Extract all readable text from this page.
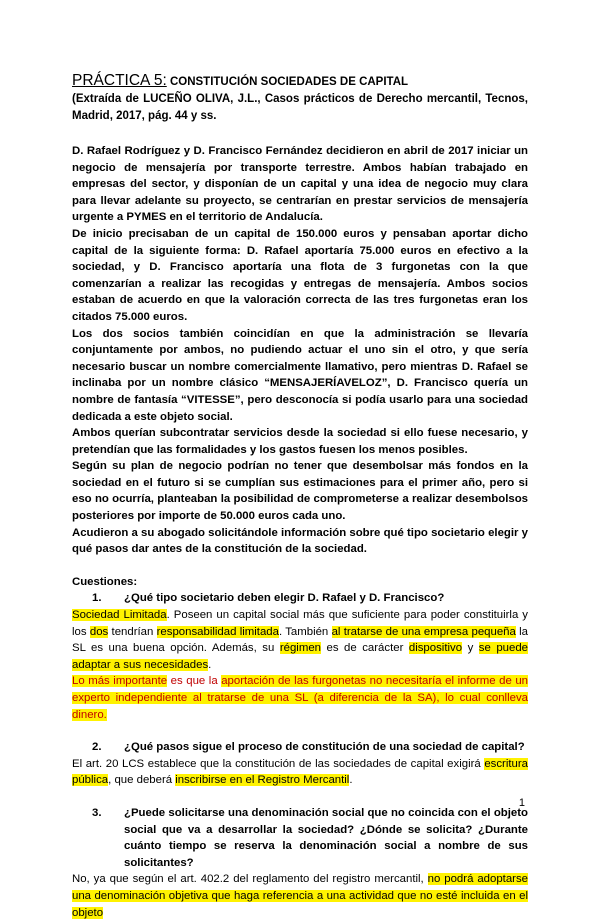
PRÁCTICA 5: CONSTITUCIÓN SOCIEDADES DE CAPITAL
(Extraída de LUCEÑO OLIVA, J.L., Casos prácticos de Derecho mercantil, Tecnos, Madrid, 2017, pág. 44 y ss.

D. Rafael Rodríguez y D. Francisco Fernández decidieron en abril de 2017 iniciar un negocio de mensajería por transporte terrestre. Ambos habían trabajado en empresas del sector, y disponían de un capital y una idea de negocio muy clara para llevar adelante su proyecto, se centrarían en prestar servicios de mensajería urgente a PYMES en el territorio de Andalucía.

De inicio precisaban de un capital de 150.000 euros y pensaban aportar dicho capital de la siguiente forma: D. Rafael aportaría 75.000 euros en efectivo a la sociedad, y D. Francisco aportaría una flota de 3 furgonetas con la que comenzarían a realizar las recogidas y entregas de mensajería. Ambos socios estaban de acuerdo en que la valoración correcta de las tres furgonetas eran los citados 75.000 euros.

Los dos socios también coincidían en que la administración se llevaría conjuntamente por ambos, no pudiendo actuar el uno sin el otro, y que sería necesario buscar un nombre comercialmente llamativo, pero mientras D. Rafael se inclinaba por un nombre clásico “MENSAJERÍAVELOZ”, D. Francisco quería un nombre de fantasía “VITESSE”, pero desconocía si podía usarlo para una sociedad dedicada a este objeto social.

Ambos querían subcontratar servicios desde la sociedad si ello fuese necesario, y pretendían que las formalidades y los gastos fuesen los menos posibles.

Según su plan de negocio podrían no tener que desembolsar más fondos en la sociedad en el futuro si se cumplían sus estimaciones para el primer año, pero si eso no ocurría, planteaban la posibilidad de comprometerse a realizar desembolsos posteriores por importe de 50.000 euros cada uno.

Acudieron a su abogado solicitándole información sobre qué tipo societario elegir y qué pasos dar antes de la constitución de la sociedad.

Cuestiones:

1.	¿Qué tipo societario deben elegir D. Rafael y D. Francisco?

Sociedad Limitada. Poseen un capital social más que suficiente para poder constituirla y los dos tendrían responsabilidad limitada. También al tratarse de una empresa pequeña la SL es una buena opción. Además, su régimen es de carácter dispositivo y se puede adaptar a sus necesidades.

Lo más importante es que la aportación de las furgonetas no necesitaría el informe de un experto independiente al tratarse de una SL (a diferencia de la SA), lo cual conlleva dinero.

2.	¿Qué pasos sigue el proceso de constitución de una sociedad de capital?

El art. 20 LCS establece que la constitución de las sociedades de capital exigirá escritura pública, que deberá inscribirse en el Registro Mercantil.

3.	¿Puede solicitarse una denominación social que no coincida con el objeto social que va a desarrollar la sociedad? ¿Dónde se solicita? ¿Durante cuánto tiempo se reserva la denominación social a nombre de sus solicitantes?

No, ya que según el art. 402.2 del reglamento del registro mercantil, no podrá adoptarse una denominación objetiva que haga referencia a una actividad que no esté incluida en el objeto

1
